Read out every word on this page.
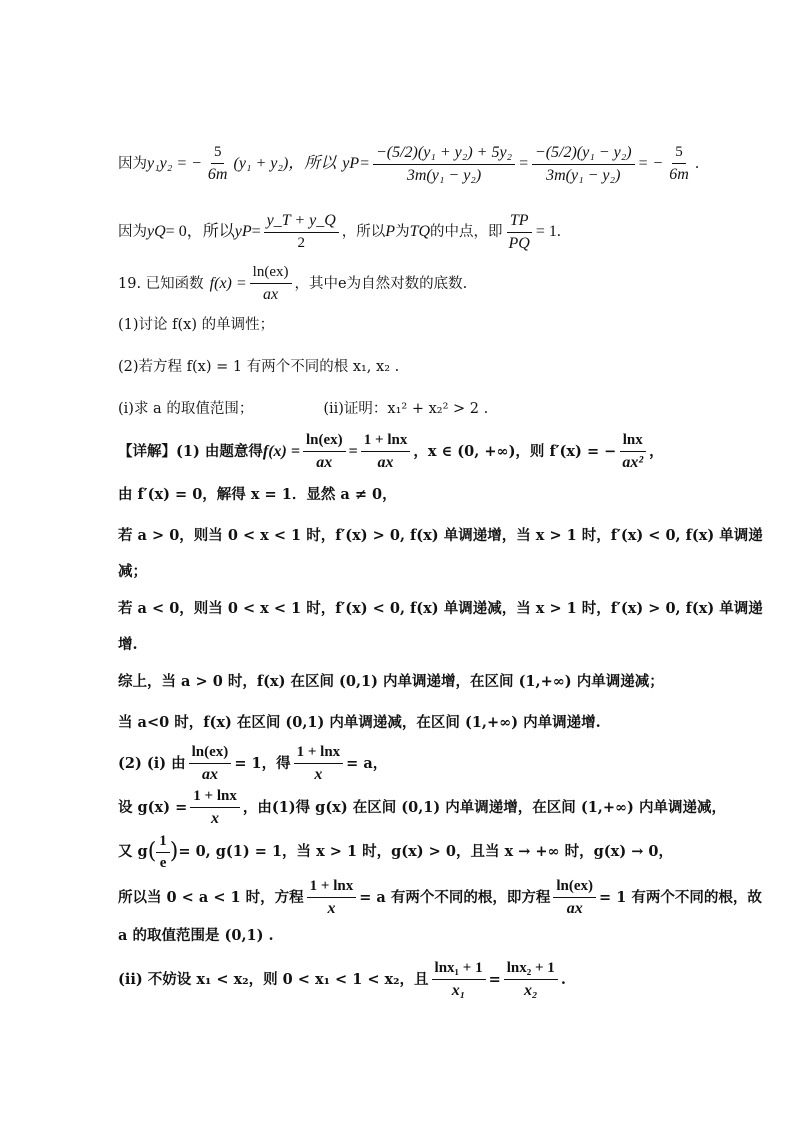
因为 y₁y₂ = − $\frac{5}{6m} (y_1 + y_2)$，所以 y $P = \frac{\text{−(5/2)(y₁ + y₂) + 5y₂}}{\text{3m(y₁ − y₂)}} = \frac{\text{−(5/2)(y₁ − y₂)}}{\text{3m(y₁ − y₂)}}$ = − $\frac{5}{6m}$ .
因为 y Q = 0，所以 y $P = \frac{y\_T + y\_Q}{2}$ ，所以 P 为 TQ 的中点，即 $\frac{TP}{PQ} = 1$.
19. 已知函数 $f(x) = \frac{\ln(ex)}{ax}$ ，其中e为自然对数的底数.
(1)讨论 f(x) 的单调性；
(2)若方程 f(x) = 1 有两个不同的根 x₁, x₂ .
(i)求 a 的取值范围；	(ii)证明：x₁² + x₂² > 2 .
【详解】(1) 由题意得 $f(x) = \frac{\ln(ex)}{ax} = \frac{1 + \ln x}{ax}$ ，x ∈ (0, +∞)，则 f′(x) = − $\frac{\ln x}{\text{ax²}}$ ，
由 f′(x) = 0，解得 x = 1．显然 a ≠ 0，
若 a > 0，则当 0 < x < 1 时，f′(x) > 0, f(x) 单调递增，当 x > 1 时，f′(x) < 0, f(x) 单调递
减；
若 a < 0，则当 0 < x < 1 时，f′(x) < 0, f(x) 单调递减，当 x > 1 时，f′(x) > 0, f(x) 单调递
增.
综上，当 a > 0 时，f(x) 在区间 (0,1) 内单调递增，在区间 (1,+∞) 内单调递减；
当 a<0 时，f(x) 在区间 (0,1) 内单调递减，在区间 (1,+∞) 内单调递增.
(2) (i) 由 $\frac{\ln(ex)}{ax} = 1$，得 $\frac{1 + \ln x}{x} = a$，
设 $g(x) = \frac{1 + \ln x}{x}$ ，由(1)得 g(x) 在区间 (0,1) 内单调递增，在区间 (1,+∞) 内单调递减，
又 g ( $\frac{1}{e}$ ) = 0, g(1) = 1，当 x > 1 时，g(x) > 0，且当 x → +∞ 时，g(x) → 0，
所以当 0 < a < 1 时，方程 $\frac{1 + \ln x}{x} = a$ 有两个不同的根，即方程 $\frac{\ln(ex)}{ax} = 1$ 有两个不同的根，故
a 的取值范围是 (0,1) .
(ii) 不妨设 x₁ < x₂，则 0 < x₁ < 1 < x₂，且 $\frac{\text{lnx₁ + 1}}{\text{x₁}} = \frac{\text{lnx₂ + 1}}{\text{x₂}}$ .
